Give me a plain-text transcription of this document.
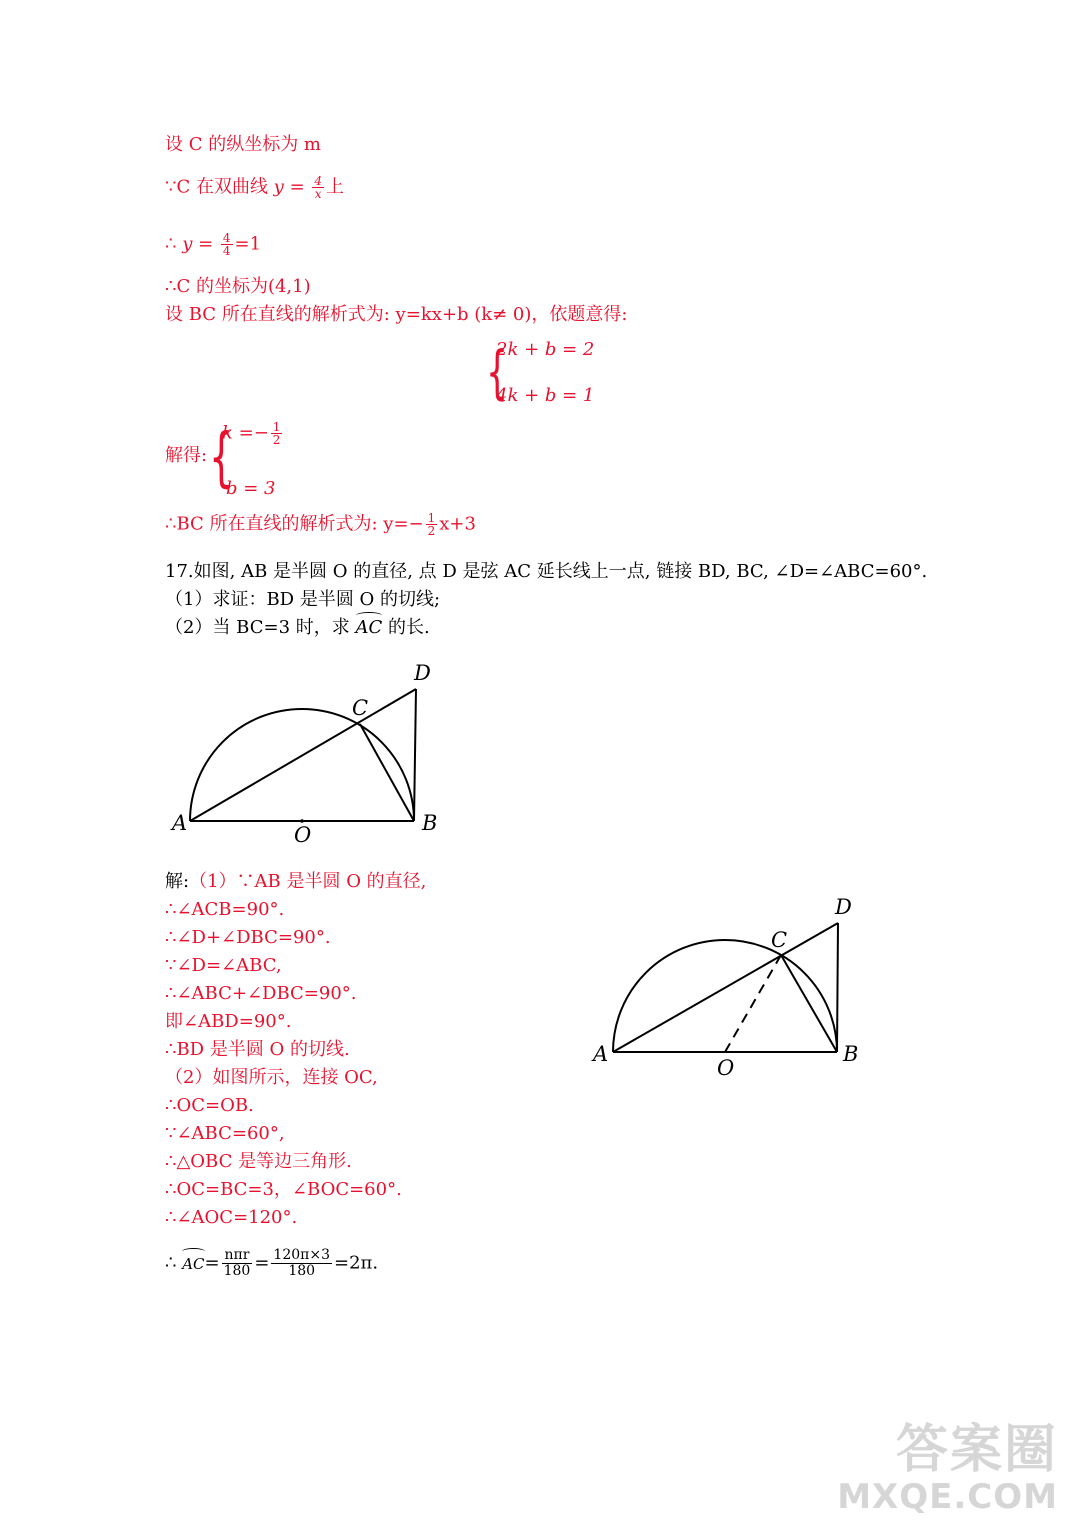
设 C 的纵坐标为 m
∵C 在双曲线 $y = \frac{4}{x}$ 上
∴ $y = \frac{4}{4} =1$
∴C 的坐标为(4,1)
设 BC 所在直线的解析式为: y=kx+b (k≠ 0)，依题意得:
{
2k + b = 2
4k + b = 1
解得: {
$k =- \frac{1}{2}$
b = 3
∴BC 所在直线的解析式为: $y=- \frac{1}{2} x+3$
17.如图, AB 是半圆 O 的直径, 点 D 是弦 AC 延长线上一点, 链接 BD, BC, ∠D=∠ABC=60°.
（1）求证：BD 是半圆 O 的切线;
（2）当 BC=3 时，求 AC 的长.
A	B
C
D
O
解:（1）∵AB 是半圆 O 的直径,
∴∠ACB=90°.
∴∠D+∠DBC=90°.
∵∠D=∠ABC,
∴∠ABC+∠DBC=90°.
即∠ABD=90°.
∴BD 是半圆 O 的切线.
（2）如图所示，连接 OC,
∴OC=OB.
∵∠ABC=60°,
∴△OBC 是等边三角形.
∴OC=BC=3，∠BOC=60°.
∴∠AOC=120°.
∴ $AC= \frac{\text{nπr}}{180} = \frac{120\pi\times 3}{180} =2\pi$.
A	B
C
D
O
答案圈
MXQE.COM
